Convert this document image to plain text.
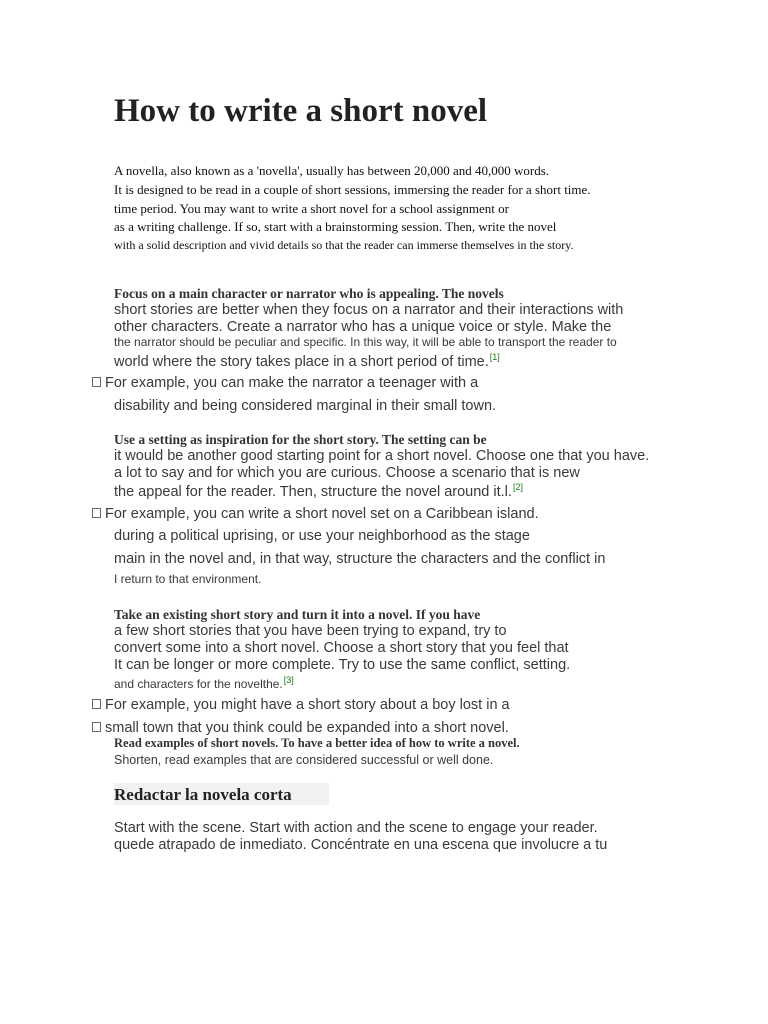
How to write a short novel

A novella, also known as a 'novella', usually has between 20,000 and 40,000 words.

It is designed to be read in a couple of short sessions, immersing the reader for a short time.

time period. You may want to write a short novel for a school assignment or

as a writing challenge. If so, start with a brainstorming session. Then, write the novel

with a solid description and vivid details so that the reader can immerse themselves in the story.

Focus on a main character or narrator who is appealing. The novels

short stories are better when they focus on a narrator and their interactions with

other characters. Create a narrator who has a unique voice or style. Make the

the narrator should be peculiar and specific. In this way, it will be able to transport the reader to

world where the story takes place in a short period of time.[1]

For example, you can make the narrator a teenager with a

disability and being considered marginal in their small town.

Use a setting as inspiration for the short story. The setting can be

it would be another good starting point for a short novel. Choose one that you have.

a lot to say and for which you are curious. Choose a scenario that is new

the appeal for the reader. Then, structure the novel around it.l.[2]

For example, you can write a short novel set on a Caribbean island.

during a political uprising, or use your neighborhood as the stage

main in the novel and, in that way, structure the characters and the conflict in

I return to that environment.

Take an existing short story and turn it into a novel. If you have

a few short stories that you have been trying to expand, try to

convert some into a short novel. Choose a short story that you feel that

It can be longer or more complete. Try to use the same conflict, setting.

and characters for the novelthe.[3]

For example, you might have a short story about a boy lost in a

small town that you think could be expanded into a short novel.

Read examples of short novels. To have a better idea of how to write a novel.

Shorten, read examples that are considered successful or well done.

Redactar la novela corta

Start with the scene. Start with action and the scene to engage your reader.

quede atrapado de inmediato. Concéntrate en una escena que involucre a tu
